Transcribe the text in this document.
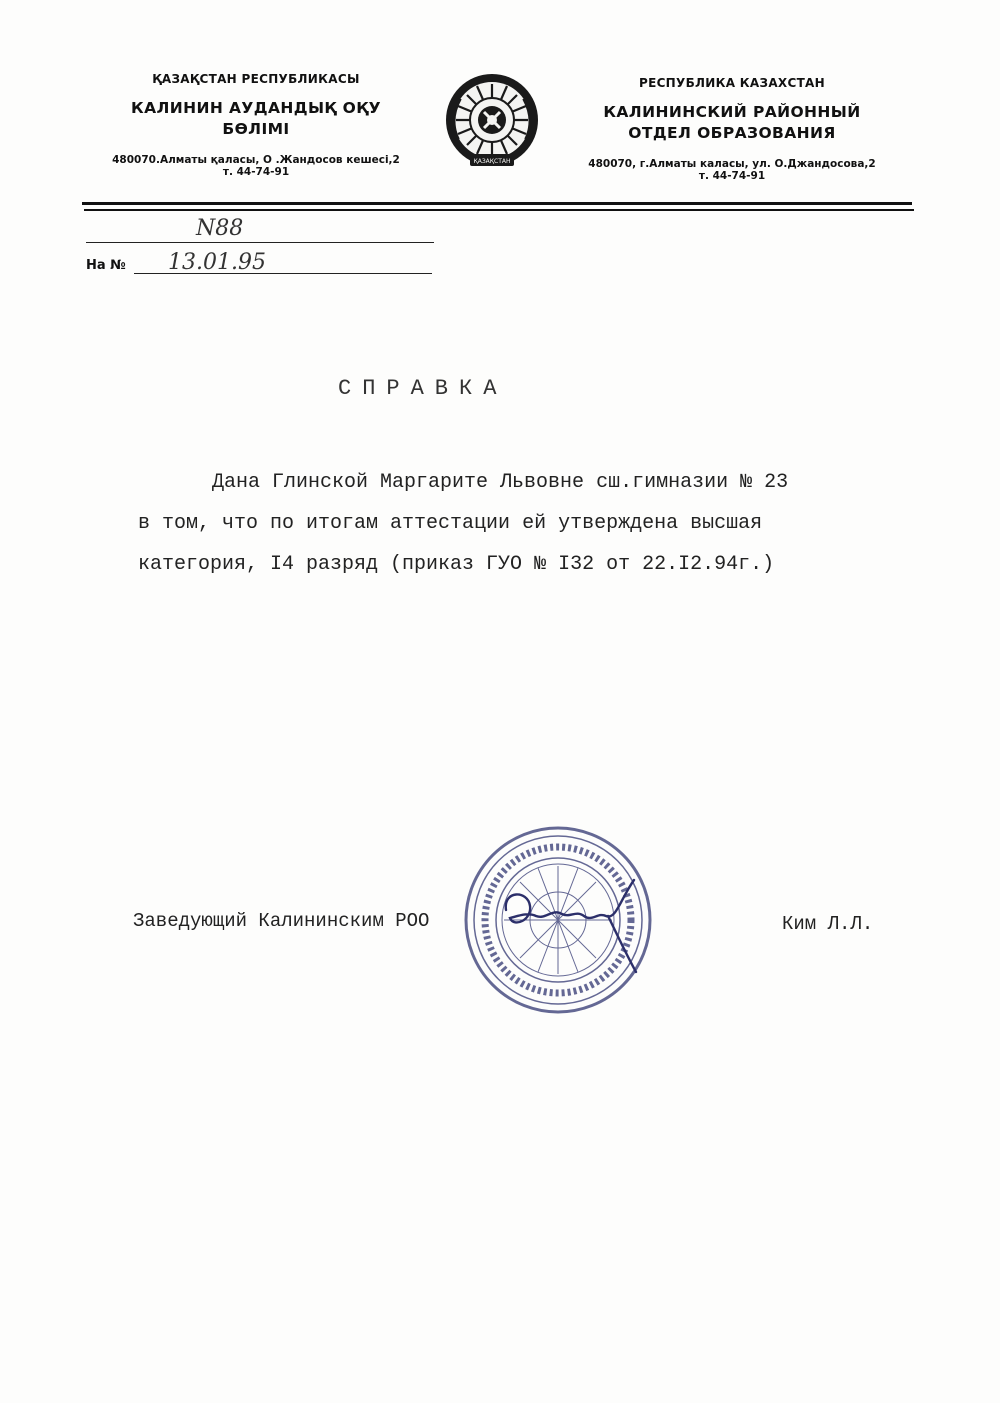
ҚАЗАҚСТАН РЕСПУБЛИКАСЫ
КАЛИНИН АУДАНДЫҚ ОҚУ
БӨЛІМІ
480070.Алматы қаласы, О .Жандосов кешесі,2
т. 44-74-91
ҚАЗАҚСТАН
РЕСПУБЛИКА КАЗАХСТАН
КАЛИНИНСКИЙ РАЙОННЫЙ
ОТДЕЛ ОБРАЗОВАНИЯ
480070, г.Алматы каласы, ул. О.Джандосова,2
т. 44-74-91
N88
На № 13.01.95
СПРАВКА
Дана Глинской Маргарите Львовне сш.гимназии № 23
в том, что по итогам аттестации ей утверждена высшая
категория, I4 разряд (приказ ГУО № I32 от 22.I2.94г.)
Заведующий Калининским РОО	Ким Л.Л.
